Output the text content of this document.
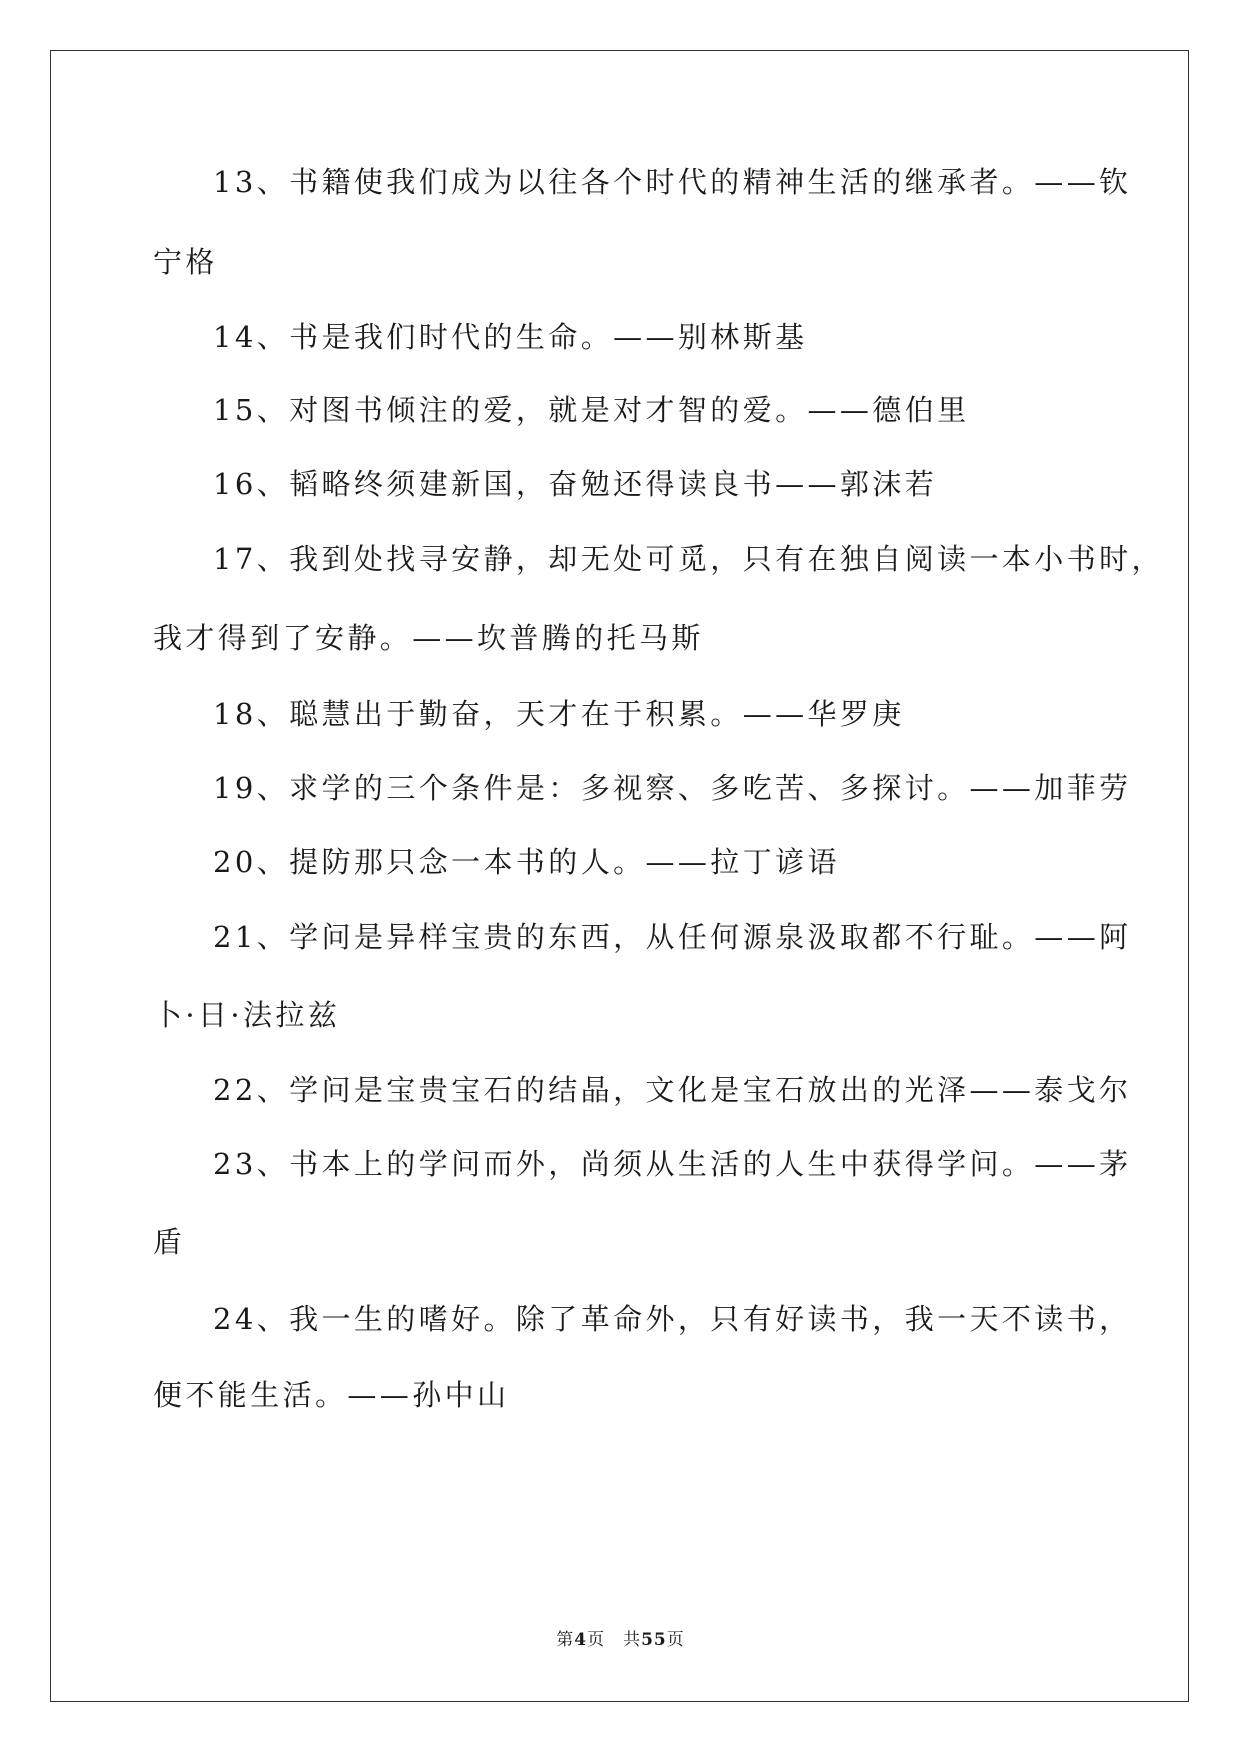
13、书籍使我们成为以往各个时代的精神生活的继承者。——钦
宁格
14、书是我们时代的生命。——别林斯基
15、对图书倾注的爱，就是对才智的爱。——德伯里
16、韬略终须建新国，奋勉还得读良书——郭沫若
17、我到处找寻安静，却无处可觅，只有在独自阅读一本小书时，
我才得到了安静。——坎普腾的托马斯
18、聪慧出于勤奋，天才在于积累。——华罗庚
19、求学的三个条件是：多视察、多吃苦、多探讨。——加菲劳
20、提防那只念一本书的人。——拉丁谚语
21、学问是异样宝贵的东西，从任何源泉汲取都不行耻。——阿
卜·日·法拉兹
22、学问是宝贵宝石的结晶，文化是宝石放出的光泽——泰戈尔
23、书本上的学问而外，尚须从生活的人生中获得学问。——茅
盾
24、我一生的嗜好。除了革命外，只有好读书，我一天不读书，
便不能生活。——孙中山
第4页 共55页
